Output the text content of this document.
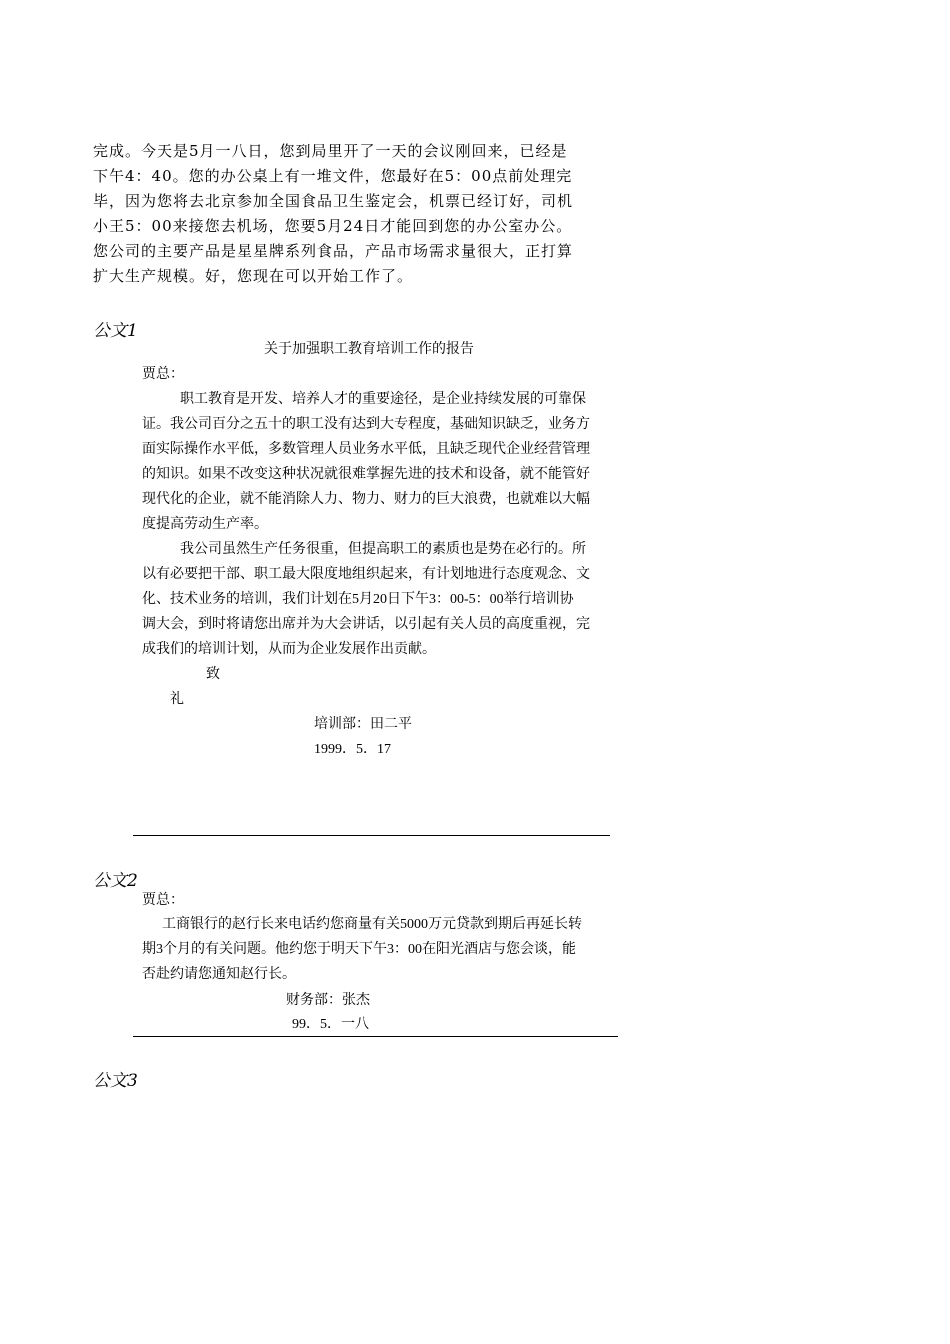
完成。今天是5月一八日，您到局里开了一天的会议刚回来，已经是
下午4：40。您的办公桌上有一堆文件，您最好在5：00点前处理完
毕，因为您将去北京参加全国食品卫生鉴定会，机票已经订好，司机
小王5：00来接您去机场，您要5月24日才能回到您的办公室办公。
您公司的主要产品是星星牌系列食品，产品市场需求量很大，正打算
扩大生产规模。好，您现在可以开始工作了。
公文1
关于加强职工教育培训工作的报告
贾总：
职工教育是开发、培养人才的重要途径，是企业持续发展的可靠保
证。我公司百分之五十的职工没有达到大专程度，基础知识缺乏，业务方
面实际操作水平低，多数管理人员业务水平低，且缺乏现代企业经营管理
的知识。如果不改变这种状况就很难掌握先进的技术和设备，就不能管好
现代化的企业，就不能消除人力、物力、财力的巨大浪费，也就难以大幅
度提高劳动生产率。
我公司虽然生产任务很重，但提高职工的素质也是势在必行的。所
以有必要把干部、职工最大限度地组织起来，有计划地进行态度观念、文
化、技术业务的培训，我们计划在5月20日下午3：00-5：00举行培训协
调大会，到时将请您出席并为大会讲话，以引起有关人员的高度重视，完
成我们的培训计划，从而为企业发展作出贡献。
致
礼
培训部：田二平
1999．5．17
公文2
贾总：
工商银行的赵行长来电话约您商量有关5000万元贷款到期后再延长转
期3个月的有关问题。他约您于明天下午3：00在阳光酒店与您会谈，能
否赴约请您通知赵行长。
财务部：张杰
99．5．一八
公文3
